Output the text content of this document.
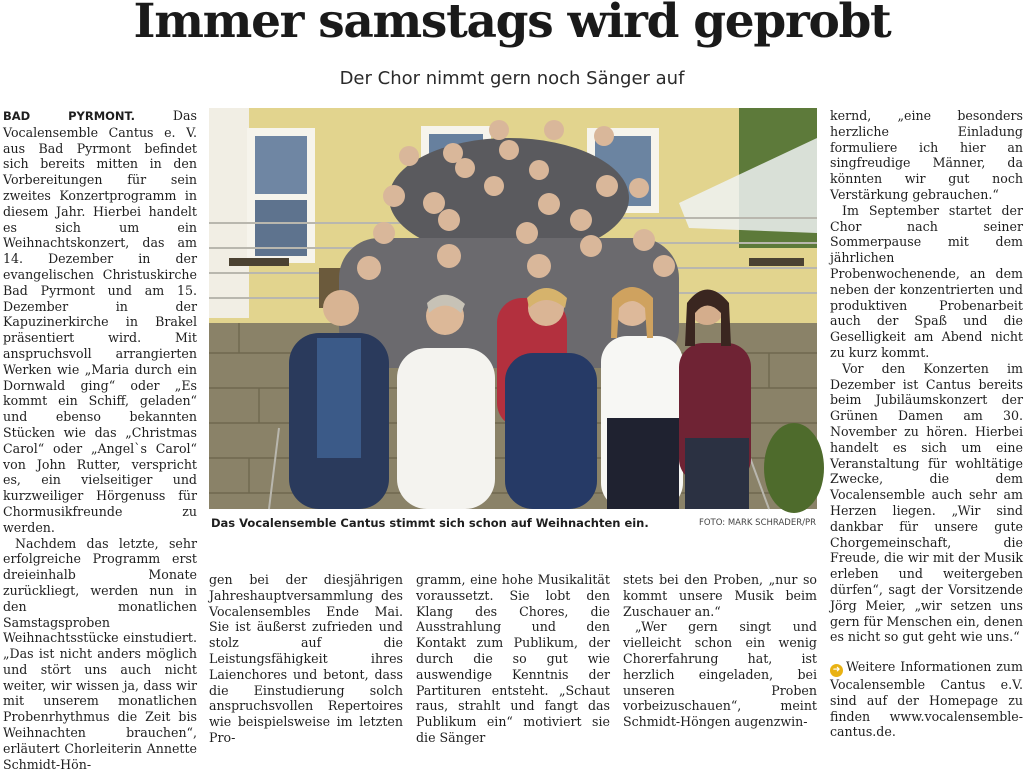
Immer samstags wird geprobt
Der Chor nimmt gern noch Sänger auf

BAD PYRMONT.	Das Vocalensemble Cantus e. V. aus Bad Pyrmont befindet sich bereits mitten in den Vorbereitungen für sein zweites Konzertprogramm in diesem Jahr. Hierbei handelt es sich um ein Weihnachtskonzert, das am 14. Dezember in der evangelischen Christuskirche Bad Pyrmont und am 15. Dezember in der Kapuzinerkirche in Brakel präsentiert wird. Mit anspruchsvoll arrangierten Werken wie „Maria durch ein Dornwald ging“ oder „Es kommt ein Schiff, geladen“ und ebenso bekannten Stücken wie das „Christmas Carol“ oder „Angel`s Carol“ von John Rutter, verspricht es, ein vielseitiger und kurzweiliger Hörgenuss für Chormusikfreunde zu werden.

Nachdem das letzte, sehr erfolgreiche Programm erst dreieinhalb Monate zurückliegt, werden nun in den monatlichen Samstagsproben Weihnachtsstücke einstudiert. „Das ist nicht anders möglich und stört uns auch nicht weiter, wir wissen ja, dass wir mit unserem monatlichen Probenrhythmus die Zeit bis Weihnachten brauchen“, erläutert Chorleiterin Annette Schmidt-Hön-

Das Vocalensemble Cantus stimmt sich schon auf Weihnachten ein.	FOTO: MARK SCHRADER/PR

gen bei der diesjährigen Jahreshauptversammlung des Vocalensembles Ende Mai. Sie ist äußerst zufrieden und stolz auf die Leistungsfähigkeit ihres Laienchores und betont, dass die Einstudierung solch anspruchsvollen Repertoires wie beispielsweise im letzten Pro-

gramm, eine hohe Musikalität voraussetzt. Sie lobt den Klang des Chores, die Ausstrahlung und den Kontakt zum Publikum, der durch die so gut wie auswendige Kenntnis der Partituren entsteht. „Schaut raus, strahlt und fangt das Publikum ein“ motiviert sie die Sänger

stets bei den Proben, „nur so kommt unsere Musik beim Zuschauer an.“

„Wer gern singt und vielleicht schon ein wenig Chorerfahrung hat, ist herzlich eingeladen, bei unseren Proben vorbeizuschauen“, meint Schmidt-Höngen augenzwin-

kernd, „eine besonders herzliche Einladung formuliere ich hier an singfreudige Männer, da könnten wir gut noch Verstärkung gebrauchen.“

Im September startet der Chor nach seiner Sommerpause mit dem jährlichen Probenwochenende, an dem neben der konzentrierten und produktiven Probenarbeit auch der Spaß und die Geselligkeit am Abend nicht zu kurz kommt.

Vor den Konzerten im Dezember ist Cantus bereits beim Jubiläumskonzert der Grünen Damen am 30. November zu hören. Hierbei handelt es sich um eine Veranstaltung für wohltätige Zwecke, die dem Vocalensemble auch sehr am Herzen liegen. „Wir sind dankbar für unsere gute Chorgemeinschaft, die Freude, die wir mit der Musik erleben und weitergeben dürfen“, sagt der Vorsitzende Jörg Meier, „wir setzen uns gern für Menschen ein, denen es nicht so gut geht wie uns.“

➜ Weitere Informationen zum Vocalensemble Cantus e.V. sind auf der Homepage zu finden www.vocalensemble-cantus.de.
